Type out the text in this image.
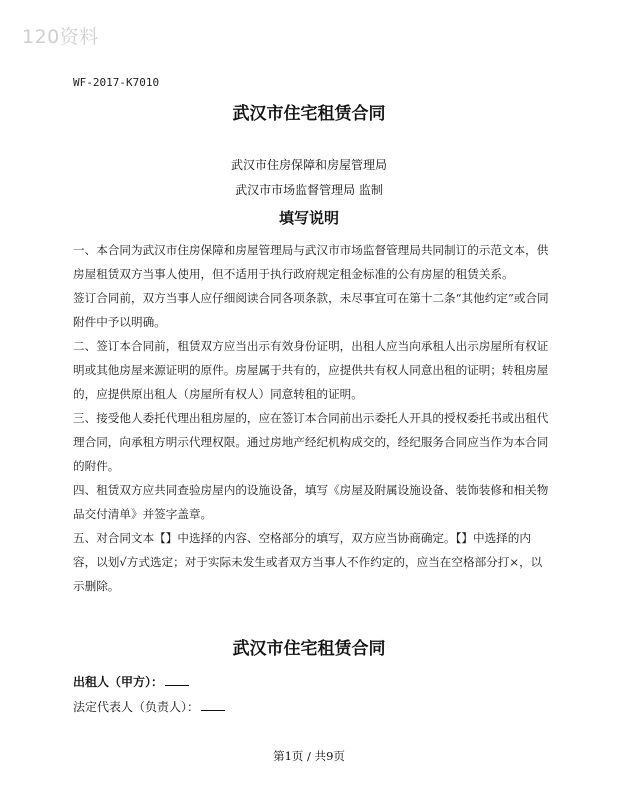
120资料
WF-2017-K7010
武汉市住宅租赁合同
武汉市住房保障和房屋管理局
武汉市市场监督管理局 监制
填写说明

一、本合同为武汉市住房保障和房屋管理局与武汉市市场监督管理局共同制订的示范文本，供房屋租赁双方当事人使用，但不适用于执行政府规定租金标准的公有房屋的租赁关系。

签订合同前，双方当事人应仔细阅读合同各项条款，未尽事宜可在第十二条“其他约定”或合同附件中予以明确。

二、签订本合同前，租赁双方应当出示有效身份证明，出租人应当向承租人出示房屋所有权证明或其他房屋来源证明的原件。房屋属于共有的，应提供共有权人同意出租的证明；转租房屋的，应提供原出租人（房屋所有权人）同意转租的证明。

三、接受他人委托代理出租房屋的，应在签订本合同前出示委托人开具的授权委托书或出租代理合同，向承租方明示代理权限。通过房地产经纪机构成交的，经纪服务合同应当作为本合同的附件。

四、租赁双方应共同查验房屋内的设施设备，填写《房屋及附属设施设备、装饰装修和相关物品交付清单》并签字盖章。

五、对合同文本【】中选择的内容、空格部分的填写，双方应当协商确定。【】中选择的内容，以划√方式选定；对于实际未发生或者双方当事人不作约定的，应当在空格部分打×，以示删除。

武汉市住宅租赁合同
出租人（甲方）：
法定代表人（负责人）：
第1页 / 共9页
